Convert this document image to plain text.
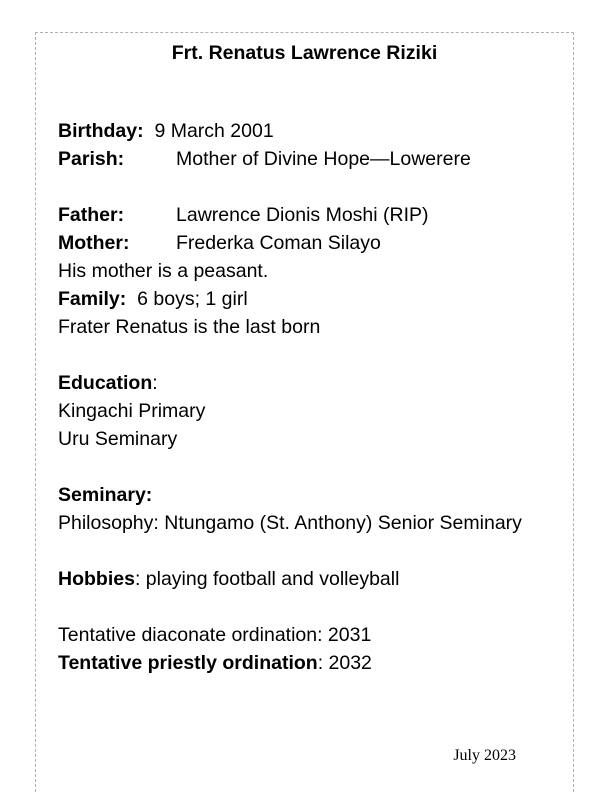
Frt. Renatus Lawrence Riziki
Birthday: 9 March 2001
Parish:	Mother of Divine Hope—Lowerere
Father:	Lawrence Dionis Moshi (RIP)
Mother: Frederka Coman Silayo
His mother is a peasant.
Family: 6 boys; 1 girl
Frater Renatus is the last born
Education:
Kingachi Primary
Uru Seminary
Seminary:
Philosophy: Ntungamo (St. Anthony) Senior Seminary
Hobbies: playing football and volleyball
Tentative diaconate ordination: 2031
Tentative priestly ordination: 2032
July 2023
